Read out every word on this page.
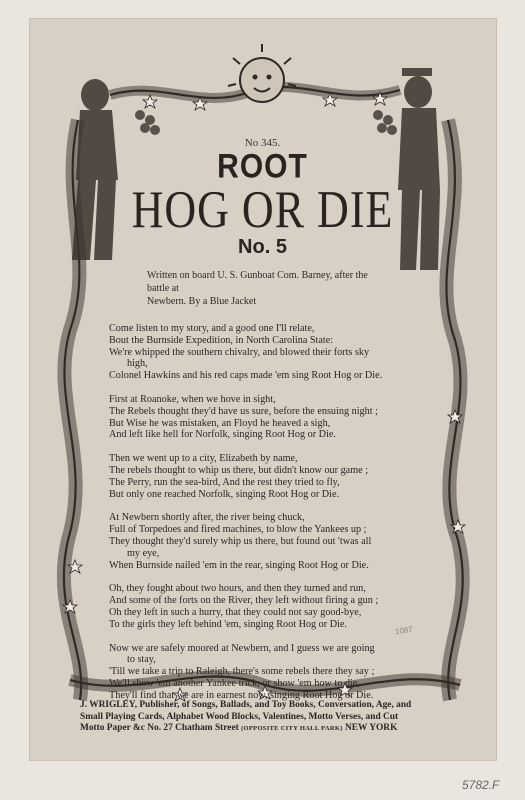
No 345.
ROOT
HOG OR DIE
No. 5
Written on board U. S. Gunboat Com. Barney, after the battle at
Newbern. By a Blue Jacket
Come listen to my story, and a good one I'll relate,
Bout the Burnside Expedition, in North Carolina State:
We're whipped the southern chivalry, and blowed their forts sky
high,
Colonel Hawkins and his red caps made 'em sing Root Hog or Die.
First at Roanoke, when we hove in sight,
The Rebels thought they'd have us sure, before the ensuing night ;
But Wise he was mistaken, an Floyd he heaved a sigh,
And left like hell for Norfolk, singing Root Hog or Die.
Then we went up to a city, Elizabeth by name,
The rebels thought to whip us there, but didn't know our game ;
The Perry, run the sea-bird, And the rest they tried to fly,
But only one reached Norfolk, singing Root Hog or Die.
At Newbern shortly after, the river being chuck,
Full of Torpedoes and fired machines, to blow the Yankees up ;
They thought they'd surely whip us there, but found out 'twas all
my eye,
When Burnside nailed 'em in the rear, singing Root Hog or Die.
Oh, they fought about two hours, and then they turned and run,
And some of the forts on the River, they left without firing a gun ;
Oh they left in such a hurry, that they could not say good-bye,
To the girls they left behind 'em, singing Root Hog or Die.
Now we are safely moored at Newbern, and I guess we are going
to stay,
'Till we take a trip to Raleigh, there's some rebels there they say ;
We'll show 'em another Yankee trick, or show 'em how to die,
They'll find that we are in earnest now, singing Root Hog or Die.
1087
J. WRIGLEY, Publisher, of Songs, Ballads, and Toy Books, Conversation, Age, and
Small Playing Cards, Alphabet Wood Blocks, Valentines, Motto Verses, and Cut
Motto Paper &c No. 27 Chatham Street (OPPOSITE CITY HALL PARK) NEW YORK
5782.F
